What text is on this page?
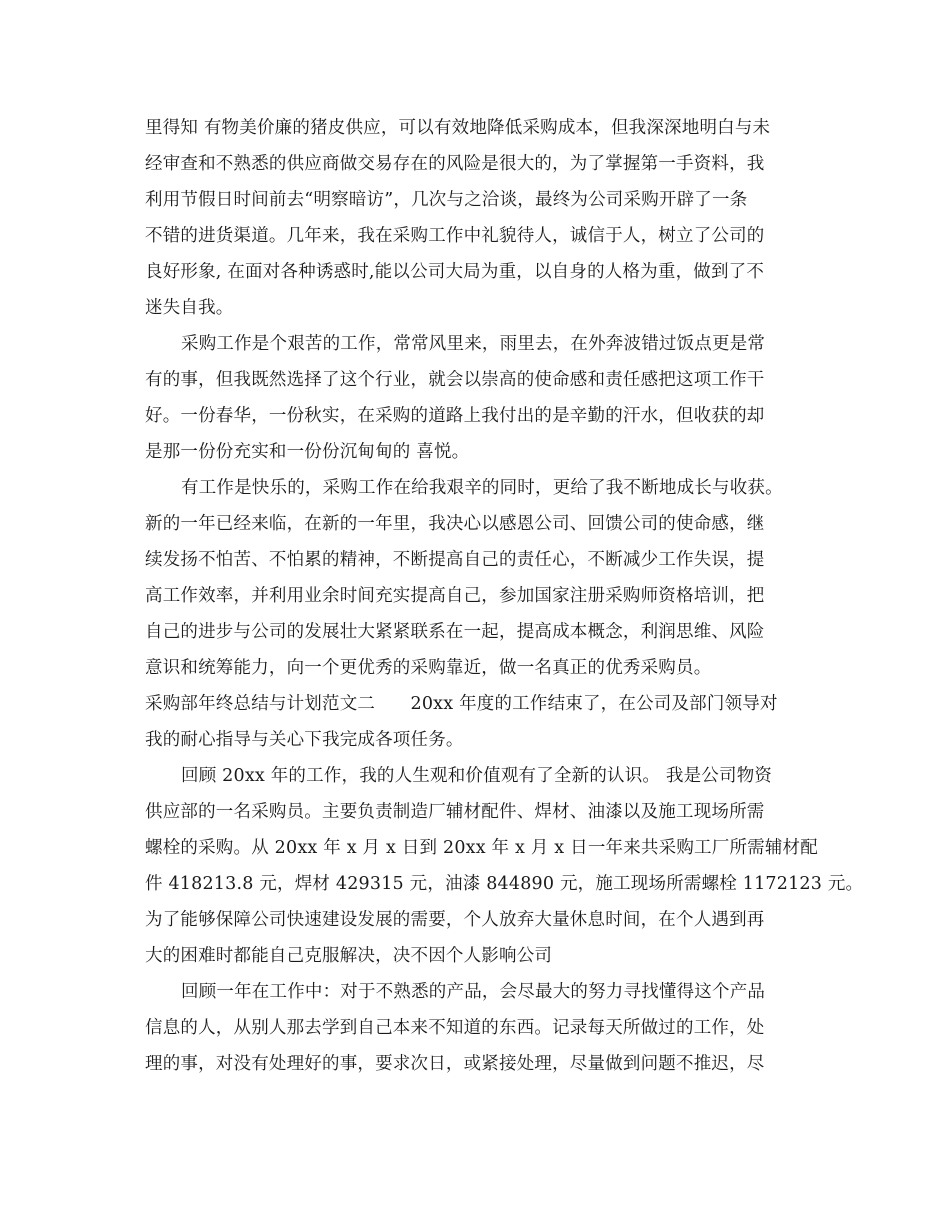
里得知 有物美价廉的猪皮供应，可以有效地降低采购成本，但我深深地明白与未
经审查和不熟悉的供应商做交易存在的风险是很大的，为了掌握第一手资料，我
利用节假日时间前去“明察暗访”，几次与之洽谈，最终为公司采购开辟了一条
不错的进货渠道。几年来，我在采购工作中礼貌待人，诚信于人，树立了公司的
良好形象, 在面对各种诱惑时,能以公司大局为重，以自身的人格为重，做到了不
迷失自我。
采购工作是个艰苦的工作，常常风里来，雨里去，在外奔波错过饭点更是常
有的事，但我既然选择了这个行业，就会以崇高的使命感和责任感把这项工作干
好。一份春华，一份秋实，在采购的道路上我付出的是辛勤的汗水，但收获的却
是那一份份充实和一份份沉甸甸的 喜悦。
有工作是快乐的，采购工作在给我艰辛的同时，更给了我不断地成长与收获。
新的一年已经来临，在新的一年里，我决心以感恩公司、回馈公司的使命感，继
续发扬不怕苦、不怕累的精神，不断提高自己的责任心，不断减少工作失误，提
高工作效率，并利用业余时间充实提高自己，参加国家注册采购师资格培训，把
自己的进步与公司的发展壮大紧紧联系在一起，提高成本概念，利润思维、风险
意识和统筹能力，向一个更优秀的采购靠近，做一名真正的优秀采购员。
采购部年终总结与计划范文二　　20xx 年度的工作结束了，在公司及部门领导对
我的耐心指导与关心下我完成各项任务。
回顾 20xx 年的工作，我的人生观和价值观有了全新的认识。 我是公司物资
供应部的一名采购员。主要负责制造厂辅材配件、焊材、油漆以及施工现场所需
螺栓的采购。从 20xx 年 x 月 x 日到 20xx 年 x 月 x 日一年来共采购工厂所需辅材配
件 418213.8 元，焊材 429315 元，油漆 844890 元，施工现场所需螺栓 1172123 元。
为了能够保障公司快速建设发展的需要，个人放弃大量休息时间，在个人遇到再
大的困难时都能自己克服解决，决不因个人影响公司
回顾一年在工作中：对于不熟悉的产品，会尽最大的努力寻找懂得这个产品
信息的人，从别人那去学到自己本来不知道的东西。记录每天所做过的工作，处
理的事，对没有处理好的事，要求次日，或紧接处理，尽量做到问题不推迟，尽
